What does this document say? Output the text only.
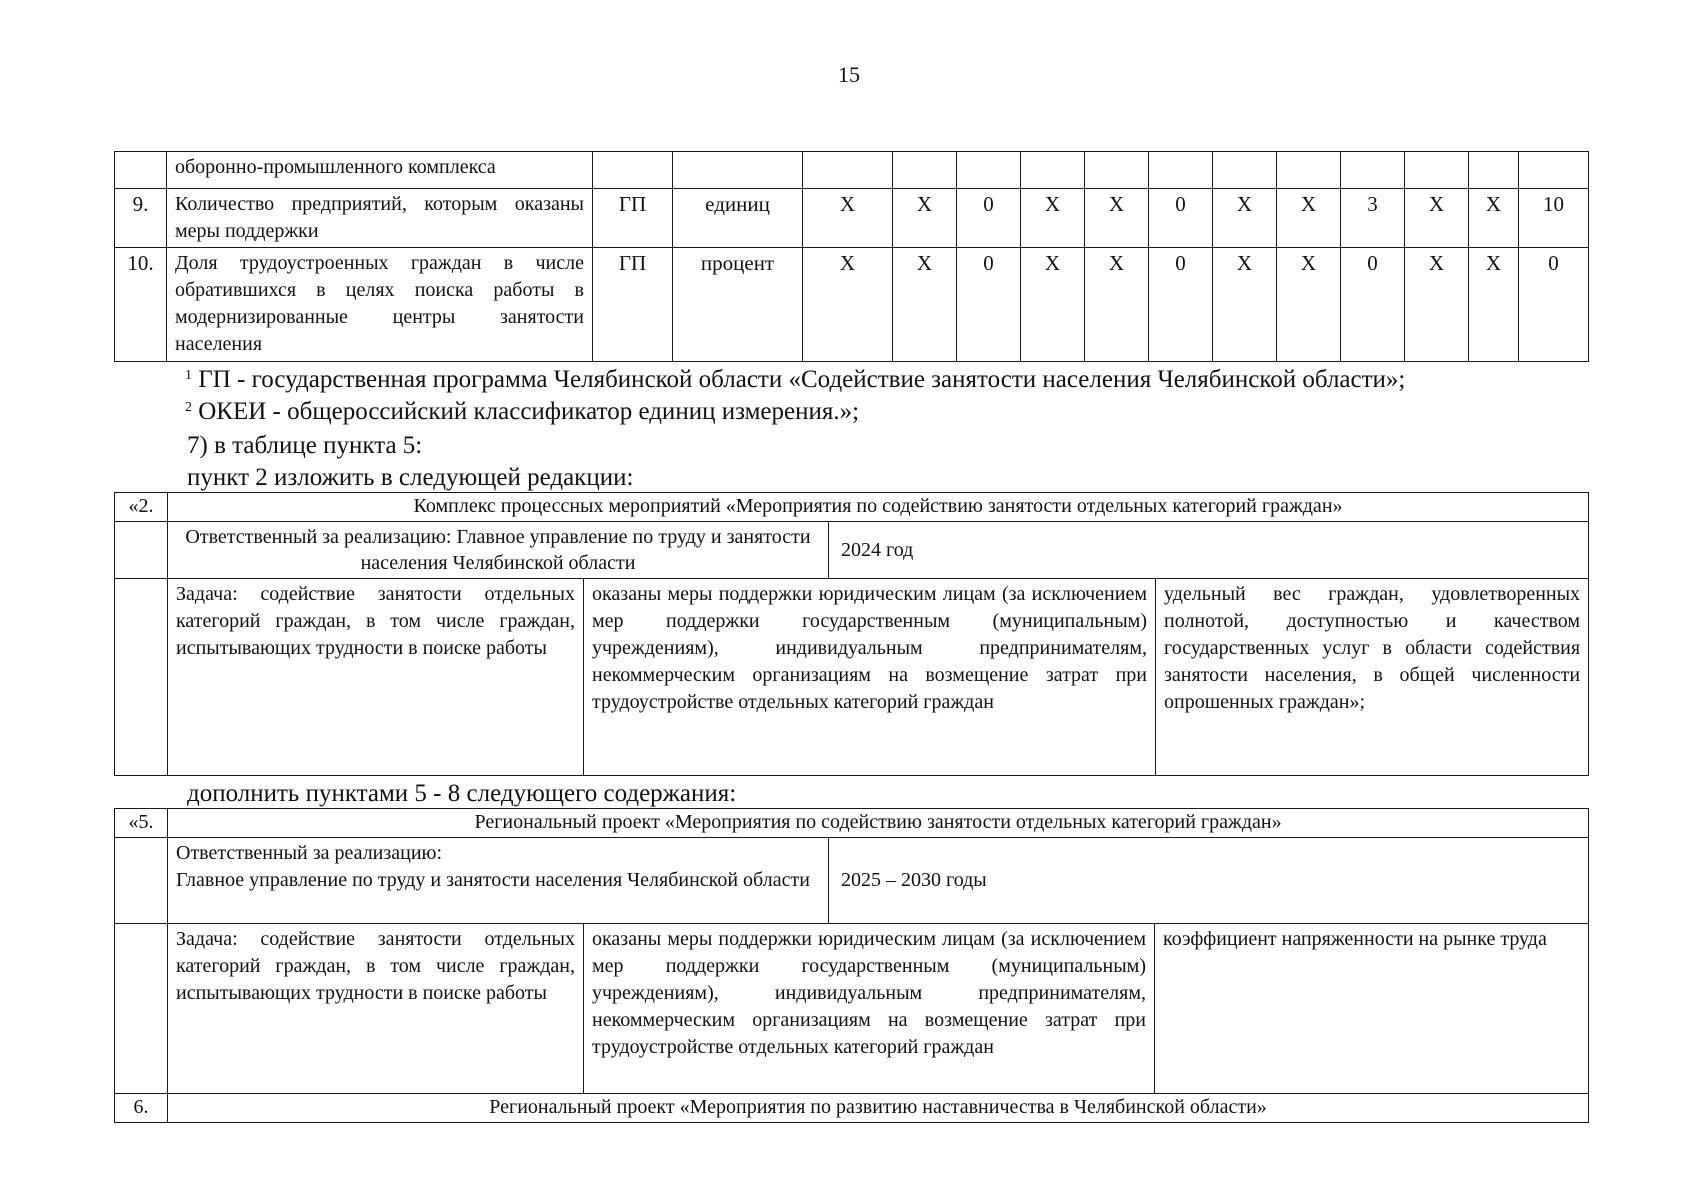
15
	оборонно-промышленного комплекса														
9.	Количество предприятий, которым оказаны меры поддержки	ГП	единиц	X	X	0	X	X	0	X	X	3	X	X	10
10.	Доля трудоустроенных граждан в числе обратившихся в целях поиска работы в модернизированные центры занятости населения	ГП	процент	X	X	0	X	X	0	X	X	0	X	X	0
$^1$ ГП - государственная программа Челябинской области «Содействие занятости населения Челябинской области»;
$^2$ ОКЕИ - общероссийский классификатор единиц измерения.»;
7) в таблице пункта 5:
пункт 2 изложить в следующей редакции:
«2.	Комплекс процессных мероприятий «Мероприятия по содействию занятости отдельных категорий граждан»			
	Ответственный за реализацию: Главное управление по труду и занятости населения Челябинской области		2024 год	
	Задача: содействие занятости отдельных категорий граждан, в том числе граждан, испытывающих трудности в поиске работы	оказаны меры поддержки юридическим лицам (за исключением мер поддержки государственным (муниципальным) учреждениям), индивидуальным предпринимателям, некоммерческим организациям на возмещение затрат при трудоустройстве отдельных категорий граждан		удельный вес граждан, удовлетворенных полнотой, доступностью и качеством государственных услуг в области содействия занятости населения, в общей численности опрошенных граждан»;
дополнить пунктами 5 - 8 следующего содержания:
«5.	Региональный проект «Мероприятия по содействию занятости отдельных категорий граждан»			

	Ответственный за реализацию:
Главное управление по труду и занятости населения Челябинской области		2025 – 2030 годы	
	Задача: содействие занятости отдельных категорий граждан, в том числе граждан, испытывающих трудности в поиске работы	оказаны меры поддержки юридическим лицам (за исключением мер поддержки государственным (муниципальным) учреждениям), индивидуальным предпринимателям, некоммерческим организациям на возмещение затрат при трудоустройстве отдельных категорий граждан		коэффициент напряженности на рынке труда
6.	Региональный проект «Мероприятия по развитию наставничества в Челябинской области»			
